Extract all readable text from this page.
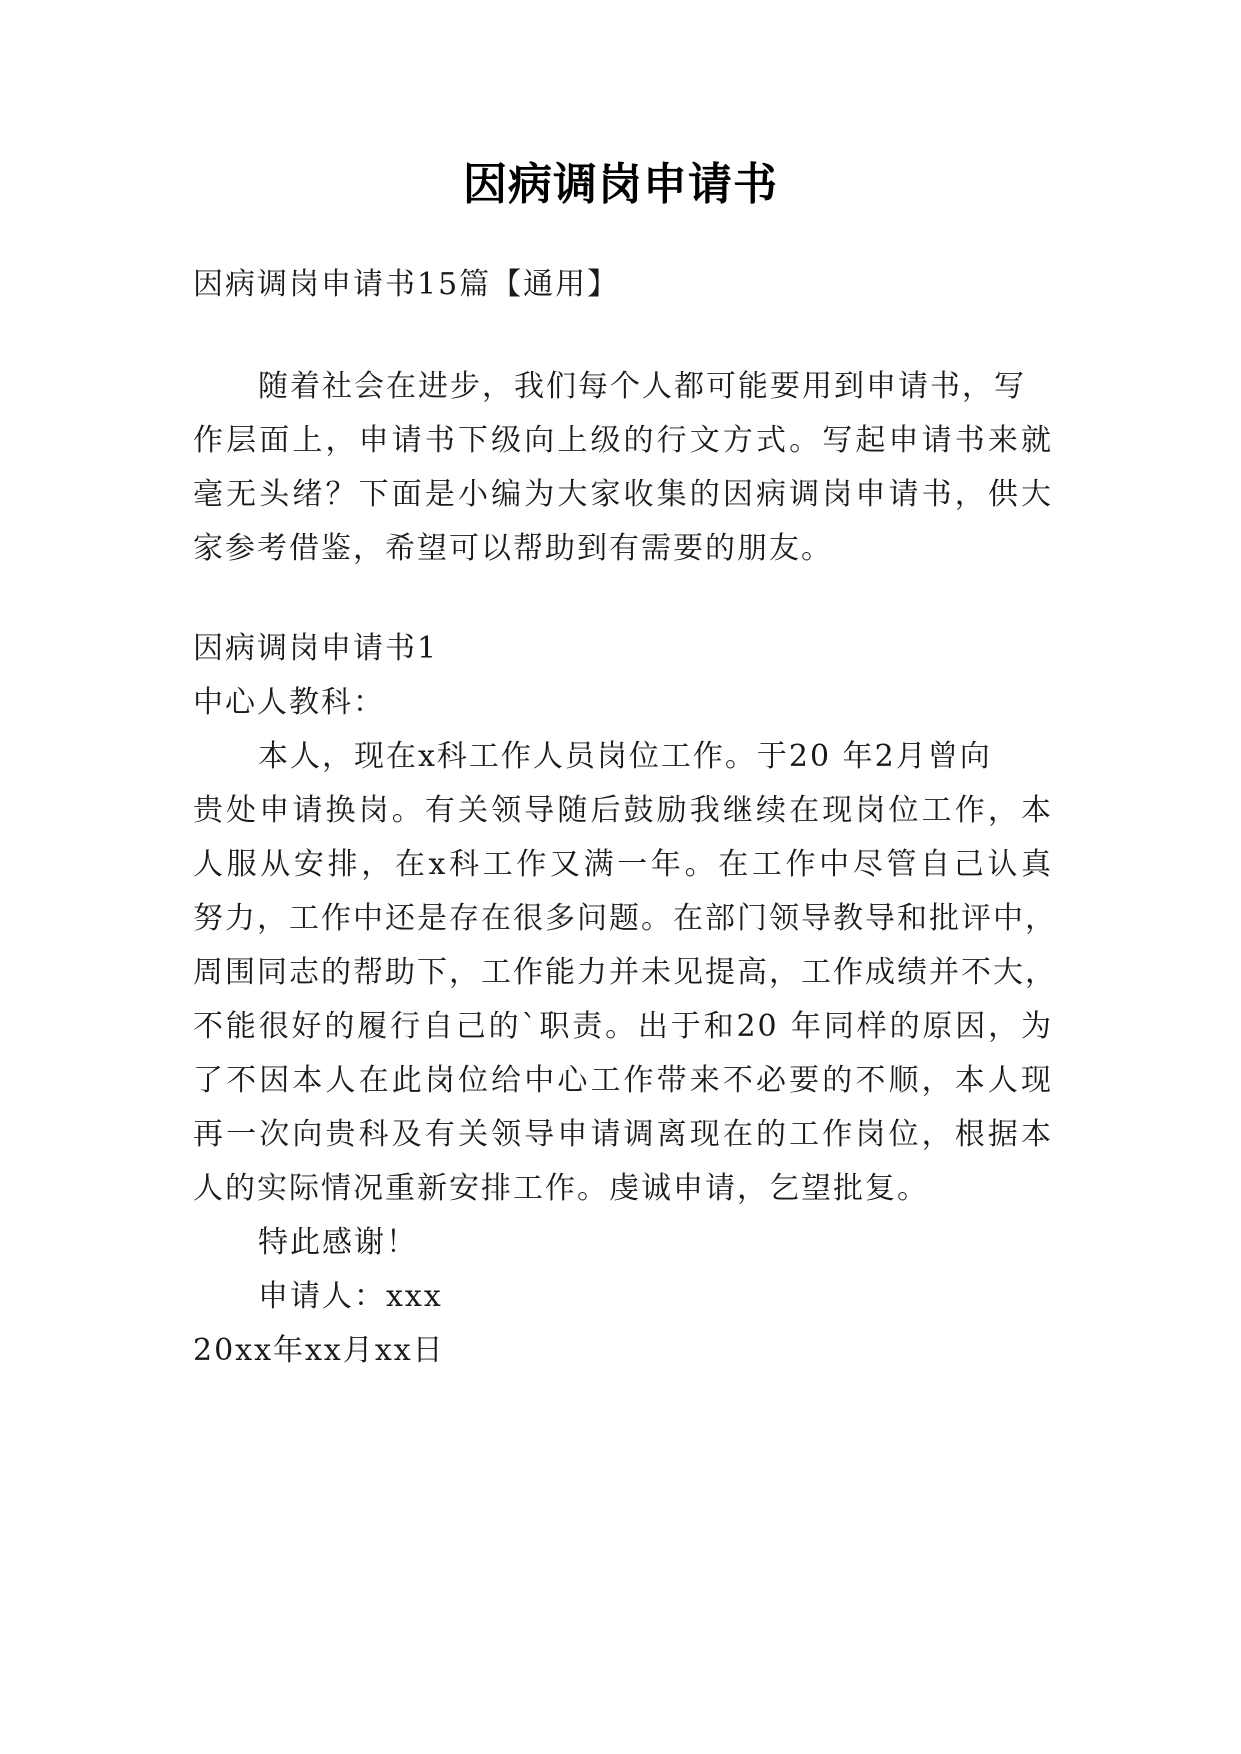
因病调岗申请书
因病调岗申请书15篇【通用】
随着社会在进步，我们每个人都可能要用到申请书，写
作层面上，申请书下级向上级的行文方式。写起申请书来就
毫无头绪？下面是小编为大家收集的因病调岗申请书，供大
家参考借鉴，希望可以帮助到有需要的朋友。
因病调岗申请书1
中心人教科：
本人，现在x科工作人员岗位工作。于20 年2月曾向
贵处申请换岗。有关领导随后鼓励我继续在现岗位工作，本
人服从安排，在x科工作又满一年。在工作中尽管自己认真
努力，工作中还是存在很多问题。在部门领导教导和批评中，
周围同志的帮助下，工作能力并未见提高，工作成绩并不大，
不能很好的履行自己的`职责。出于和20 年同样的原因，为
了不因本人在此岗位给中心工作带来不必要的不顺，本人现
再一次向贵科及有关领导申请调离现在的工作岗位，根据本
人的实际情况重新安排工作。虔诚申请，乞望批复。
特此感谢！
申请人：xxx
20xx年xx月xx日
